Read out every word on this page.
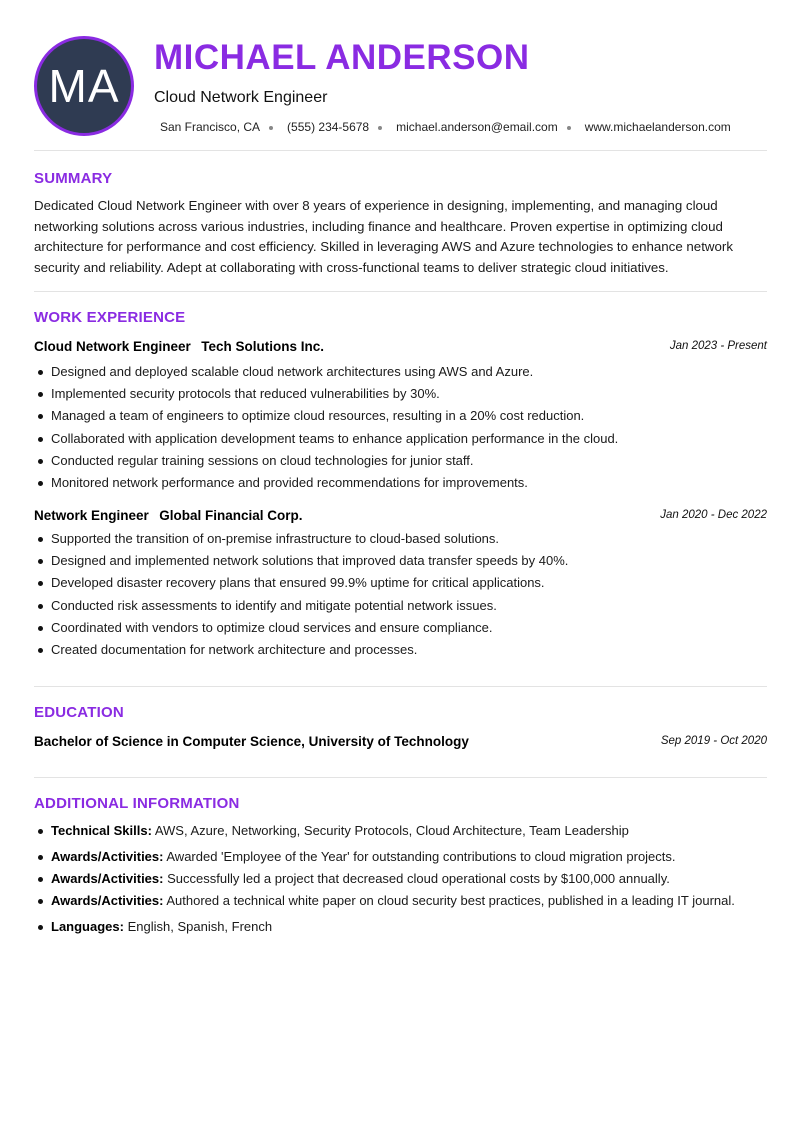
MA
MICHAEL ANDERSON
Cloud Network Engineer
San Francisco, CA (555) 234-5678 michael.anderson@email.com www.michaelanderson.com
SUMMARY

Dedicated Cloud Network Engineer with over 8 years of experience in designing, implementing, and managing cloud networking solutions across various industries, including finance and healthcare. Proven expertise in optimizing cloud architecture for performance and cost efficiency. Skilled in leveraging AWS and Azure technologies to enhance network security and reliability. Adept at collaborating with cross-functional teams to deliver strategic cloud initiatives.

WORK EXPERIENCE
Cloud Network Engineer Tech Solutions Inc.	Jan 2023 - Present
Designed and deployed scalable cloud network architectures using AWS and Azure.
Implemented security protocols that reduced vulnerabilities by 30%.
Managed a team of engineers to optimize cloud resources, resulting in a 20% cost reduction.
Collaborated with application development teams to enhance application performance in the cloud.
Conducted regular training sessions on cloud technologies for junior staff.
Monitored network performance and provided recommendations for improvements.
Network Engineer Global Financial Corp.	Jan 2020 - Dec 2022
Supported the transition of on-premise infrastructure to cloud-based solutions.
Designed and implemented network solutions that improved data transfer speeds by 40%.
Developed disaster recovery plans that ensured 99.9% uptime for critical applications.
Conducted risk assessments to identify and mitigate potential network issues.
Coordinated with vendors to optimize cloud services and ensure compliance.
Created documentation for network architecture and processes.
EDUCATION
Bachelor of Science in Computer Science, University of Technology	Sep 2019 - Oct 2020
ADDITIONAL INFORMATION
Technical Skills: AWS, Azure, Networking, Security Protocols, Cloud Architecture, Team Leadership
Awards/Activities: Awarded 'Employee of the Year' for outstanding contributions to cloud migration projects.
Awards/Activities: Successfully led a project that decreased cloud operational costs by $100,000 annually.
Awards/Activities: Authored a technical white paper on cloud security best practices, published in a leading IT journal.
Languages: English, Spanish, French
